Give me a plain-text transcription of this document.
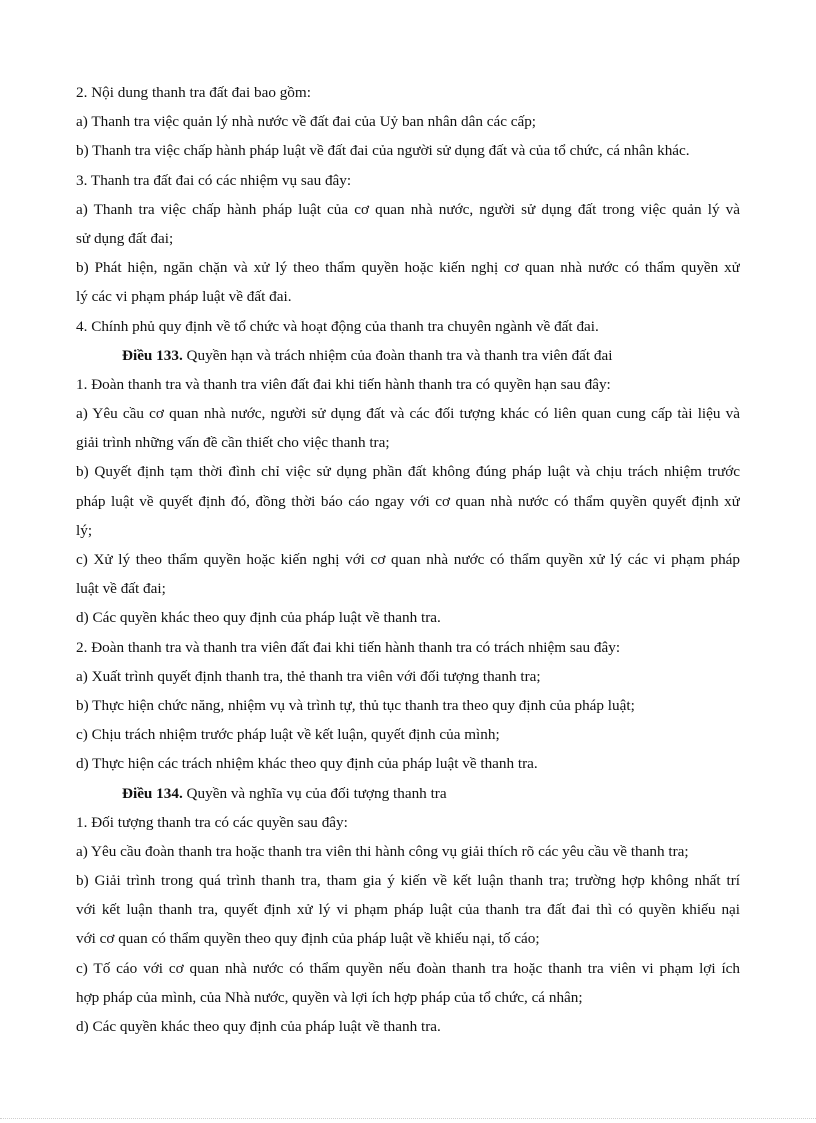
2. Nội dung thanh tra đất đai bao gồm:
a) Thanh tra việc quản lý nhà nước về đất đai của Uỷ ban nhân dân các cấp;
b) Thanh tra việc chấp hành pháp luật về đất đai của người sử dụng đất và của tổ chức, cá nhân khác.
3. Thanh tra đất đai có các nhiệm vụ sau đây:
a) Thanh tra việc chấp hành pháp luật của cơ quan nhà nước, người sử dụng đất trong việc quản lý và
sử dụng đất đai;
b) Phát hiện, ngăn chặn và xử lý theo thẩm quyền hoặc kiến nghị cơ quan nhà nước có thẩm quyền xử
lý các vi phạm pháp luật về đất đai.
4. Chính phủ quy định về tổ chức và hoạt động của thanh tra chuyên ngành về đất đai.
Điều 133. Quyền hạn và trách nhiệm của đoàn thanh tra và thanh tra viên đất đai
1. Đoàn thanh tra và thanh tra viên đất đai khi tiến hành thanh tra có quyền hạn sau đây:
a) Yêu cầu cơ quan nhà nước, người sử dụng đất và các đối tượng khác có liên quan cung cấp tài liệu và
giải trình những vấn đề cần thiết cho việc thanh tra;
b) Quyết định tạm thời đình chỉ việc sử dụng phần đất không đúng pháp luật và chịu trách nhiệm trước
pháp luật về quyết định đó, đồng thời báo cáo ngay với cơ quan nhà nước có thẩm quyền quyết định xử
lý;
c) Xử lý theo thẩm quyền hoặc kiến nghị với cơ quan nhà nước có thẩm quyền xử lý các vi phạm pháp
luật về đất đai;
d) Các quyền khác theo quy định của pháp luật về thanh tra.
2. Đoàn thanh tra và thanh tra viên đất đai khi tiến hành thanh tra có trách nhiệm sau đây:
a) Xuất trình quyết định thanh tra, thẻ thanh tra viên với đối tượng thanh tra;
b) Thực hiện chức năng, nhiệm vụ và trình tự, thủ tục thanh tra theo quy định của pháp luật;
c) Chịu trách nhiệm trước pháp luật về kết luận, quyết định của mình;
d) Thực hiện các trách nhiệm khác theo quy định của pháp luật về thanh tra.
Điều 134. Quyền và nghĩa vụ của đối tượng thanh tra
1. Đối tượng thanh tra có các quyền sau đây:
a) Yêu cầu đoàn thanh tra hoặc thanh tra viên thi hành công vụ giải thích rõ các yêu cầu về thanh tra;
b) Giải trình trong quá trình thanh tra, tham gia ý kiến về kết luận thanh tra; trường hợp không nhất trí
với kết luận thanh tra, quyết định xử lý vi phạm pháp luật của thanh tra đất đai thì có quyền khiếu nại
với cơ quan có thẩm quyền theo quy định của pháp luật về khiếu nại, tố cáo;
c) Tố cáo với cơ quan nhà nước có thẩm quyền nếu đoàn thanh tra hoặc thanh tra viên vi phạm lợi ích
hợp pháp của mình, của Nhà nước, quyền và lợi ích hợp pháp của tổ chức, cá nhân;
d) Các quyền khác theo quy định của pháp luật về thanh tra.
